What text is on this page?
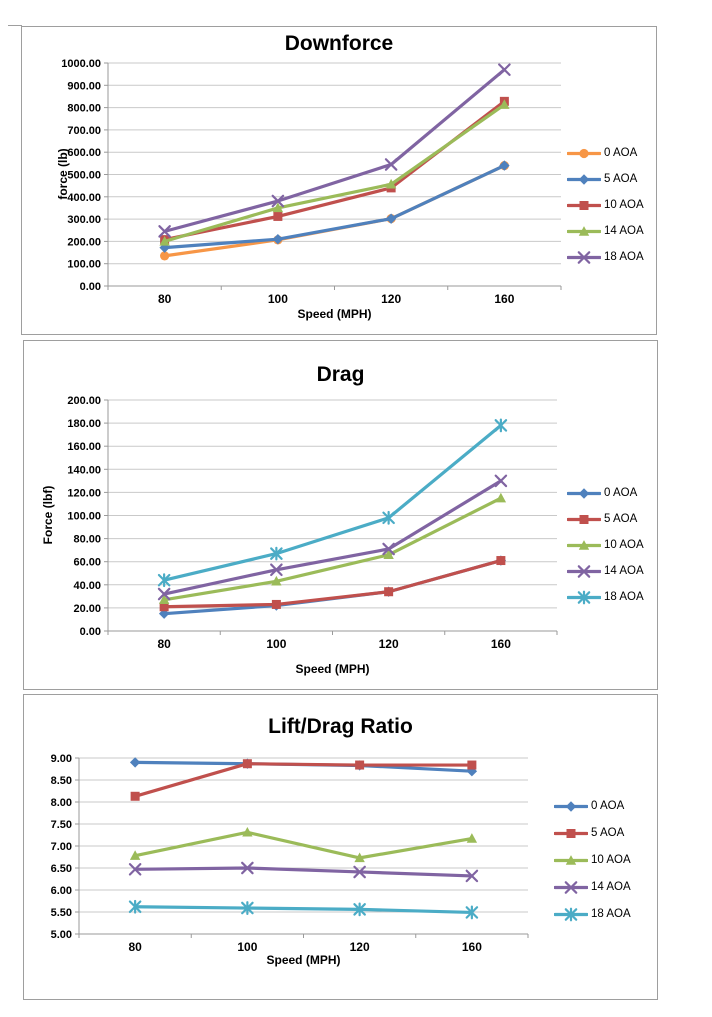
1000.00
900.00
800.00
700.00
600.00
500.00
400.00
300.00
200.00
100.00
0.00
80	100	120	160
Downforce
force (lb)
Speed (MPH)
0 AOA
5 AOA
10 AOA
14 AOA
18 AOA
200.00
180.00
160.00
140.00
120.00
100.00
80.00
60.00
40.00
20.00
0.00
80	100	120	160
Drag
Force (lbf)
Speed (MPH)
0 AOA
5 AOA
10 AOA
14 AOA
18 AOA
9.00
8.50
8.00
7.50
7.00
6.50
6.00
5.50
5.00
80	100	120	160
Lift/Drag Ratio
Speed (MPH)
0 AOA
5 AOA
10 AOA
14 AOA
18 AOA
